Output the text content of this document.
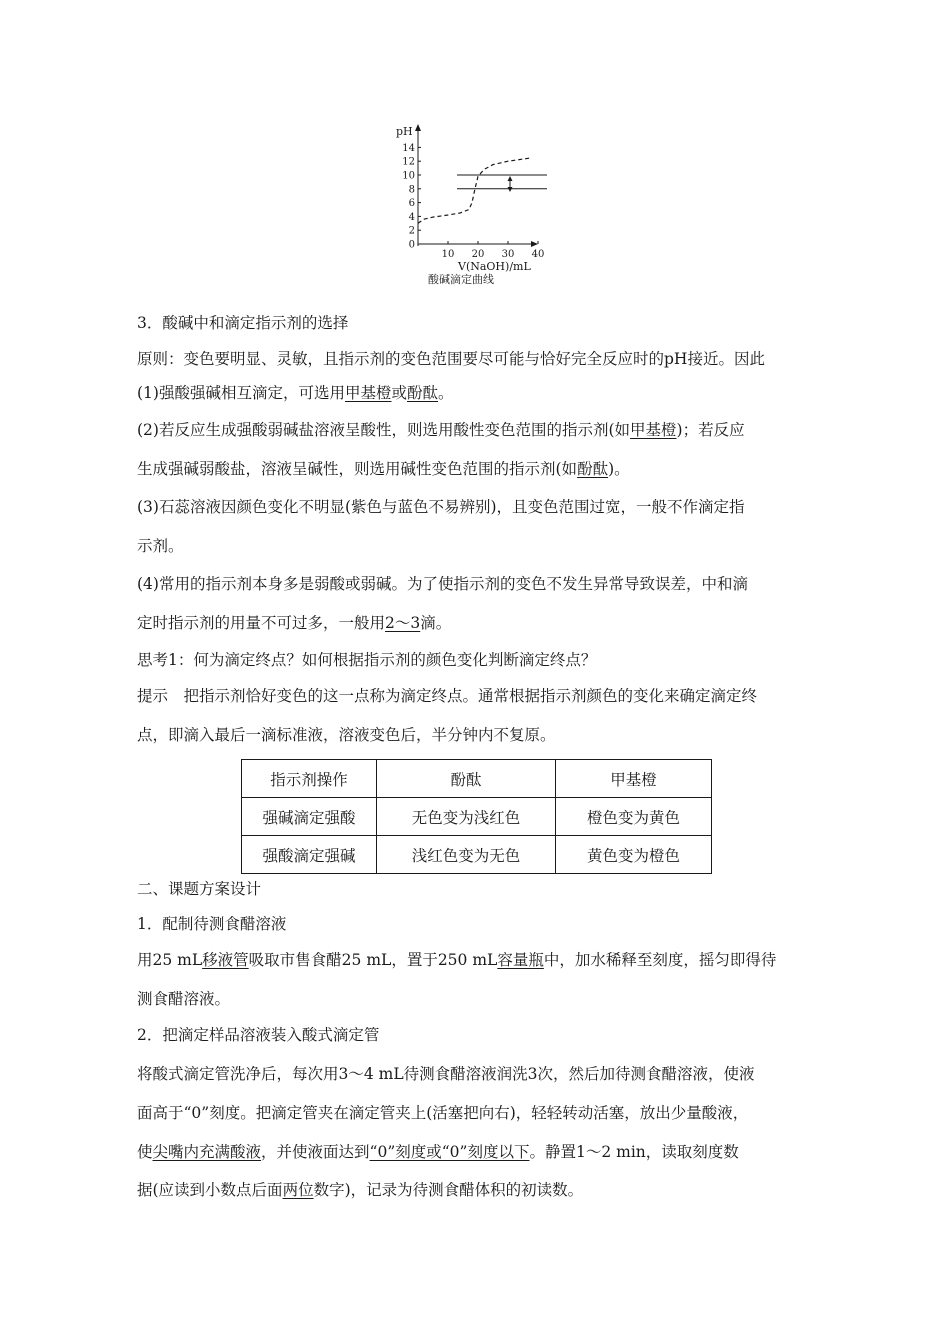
pH
14
12
10
8
6
4
2
0
10 20 30 40
V(NaOH)/mL
酸碱滴定曲线
3．酸碱中和滴定指示剂的选择
原则：变色要明显、灵敏，且指示剂的变色范围要尽可能与恰好完全反应时的pH接近。因此
(1)强酸强碱相互滴定，可选用甲基橙或酚酞。
(2)若反应生成强酸弱碱盐溶液呈酸性，则选用酸性变色范围的指示剂(如甲基橙)；若反应
生成强碱弱酸盐，溶液呈碱性，则选用碱性变色范围的指示剂(如酚酞)。
(3)石蕊溶液因颜色变化不明显(紫色与蓝色不易辨别)，且变色范围过宽，一般不作滴定指
示剂。
(4)常用的指示剂本身多是弱酸或弱碱。为了使指示剂的变色不发生异常导致误差，中和滴
定时指示剂的用量不可过多，一般用2～3滴。
思考1：何为滴定终点？如何根据指示剂的颜色变化判断滴定终点？
提示　把指示剂恰好变色的这一点称为滴定终点。通常根据指示剂颜色的变化来确定滴定终
点，即滴入最后一滴标准液，溶液变色后，半分钟内不复原。
指示剂操作	酚酞	甲基橙
强碱滴定强酸	无色变为浅红色	橙色变为黄色
强酸滴定强碱	浅红色变为无色	黄色变为橙色
二、课题方案设计
1．配制待测食醋溶液
用25 mL移液管吸取市售食醋25 mL，置于250 mL容量瓶中，加水稀释至刻度，摇匀即得待
测食醋溶液。
2．把滴定样品溶液装入酸式滴定管
将酸式滴定管洗净后，每次用3～4 mL待测食醋溶液润洗3次，然后加待测食醋溶液，使液
面高于“0”刻度。把滴定管夹在滴定管夹上(活塞把向右)，轻轻转动活塞，放出少量酸液，
使尖嘴内充满酸液，并使液面达到“0”刻度或“0”刻度以下。静置1～2 min，读取刻度数
据(应读到小数点后面两位数字)，记录为待测食醋体积的初读数。
